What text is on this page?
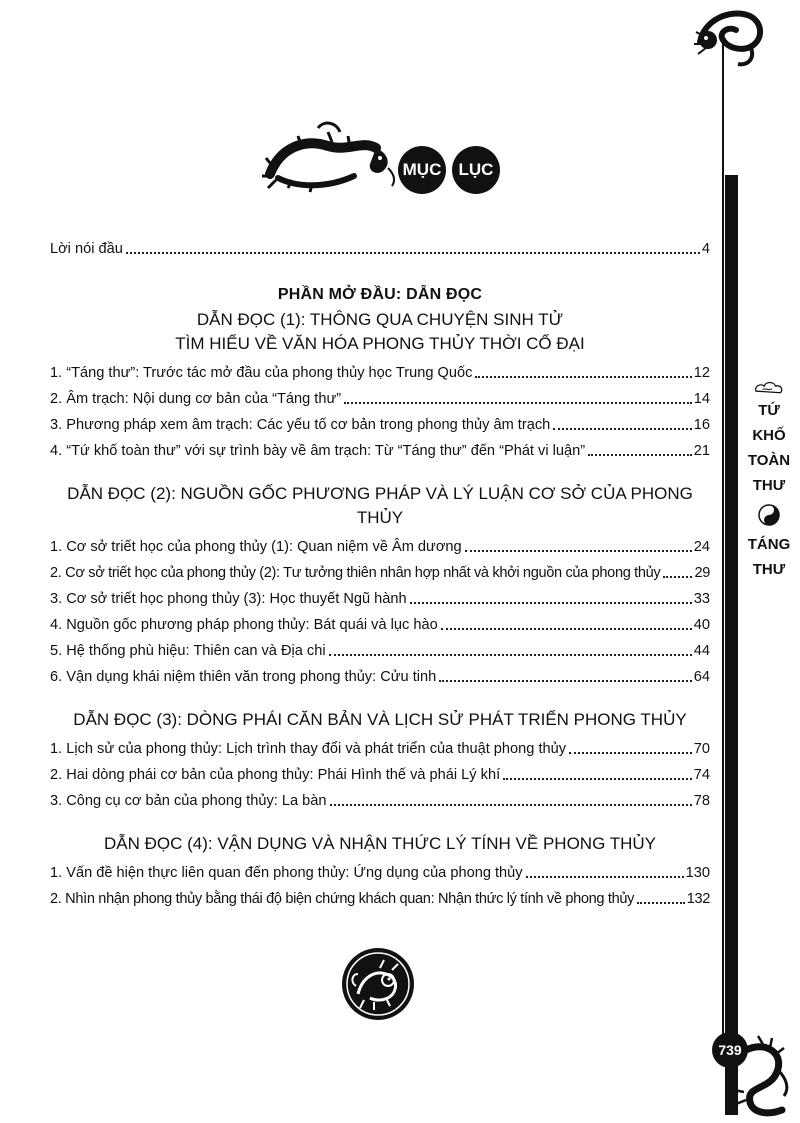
TỨ
KHỐ
TOÀN
THƯ
TÁNG
THƯ
739
MỤC	LỤC
Lời nói đầu	4
PHẦN MỞ ĐẦU: DẪN ĐỌC
DẪN ĐỌC (1): THÔNG QUA CHUYỆN SINH TỬ
TÌM HIỂU VỀ VĂN HÓA PHONG THỦY THỜI CỔ ĐẠI
1. “Táng thư”: Trước tác mở đầu của phong thủy học Trung Quốc	12
2. Âm trạch: Nội dung cơ bản của “Táng thư”	14
3. Phương pháp xem âm trạch: Các yếu tố cơ bản trong phong thủy âm trạch	16
4. “Tứ khố toàn thư” với sự trình bày về âm trạch: Từ “Táng thư” đến “Phát vi luận”	21
DẪN ĐỌC (2): NGUỒN GỐC PHƯƠNG PHÁP VÀ LÝ LUẬN CƠ SỞ CỦA PHONG THỦY
1. Cơ sở triết học của phong thủy (1): Quan niệm về Âm dương	24
2. Cơ sở triết học của phong thủy (2): Tư tưởng thiên nhân hợp nhất và khởi nguồn của phong thủy 29
3. Cơ sở triết học phong thủy (3): Học thuyết Ngũ hành	33
4. Nguồn gốc phương pháp phong thủy: Bát quái và lục hào	40
5. Hệ thống phù hiệu: Thiên can và Địa chi	44
6. Vận dụng khái niệm thiên văn trong phong thủy: Cửu tinh	64
DẪN ĐỌC (3): DÒNG PHÁI CĂN BẢN VÀ LỊCH SỬ PHÁT TRIỂN PHONG THỦY
1. Lịch sử của phong thủy: Lịch trình thay đổi và phát triển của thuật phong thủy	70
2. Hai dòng phái cơ bản của phong thủy: Phái Hình thế và phái Lý khí	74
3. Công cụ cơ bản của phong thủy: La bàn	78
DẪN ĐỌC (4): VẬN DỤNG VÀ NHẬN THỨC LÝ TÍNH VỀ PHONG THỦY
1. Vấn đề hiện thực liên quan đến phong thủy: Ứng dụng của phong thủy	130
2. Nhìn nhận phong thủy bằng thái độ biện chứng khách quan: Nhận thức lý tính về phong thủy	132
